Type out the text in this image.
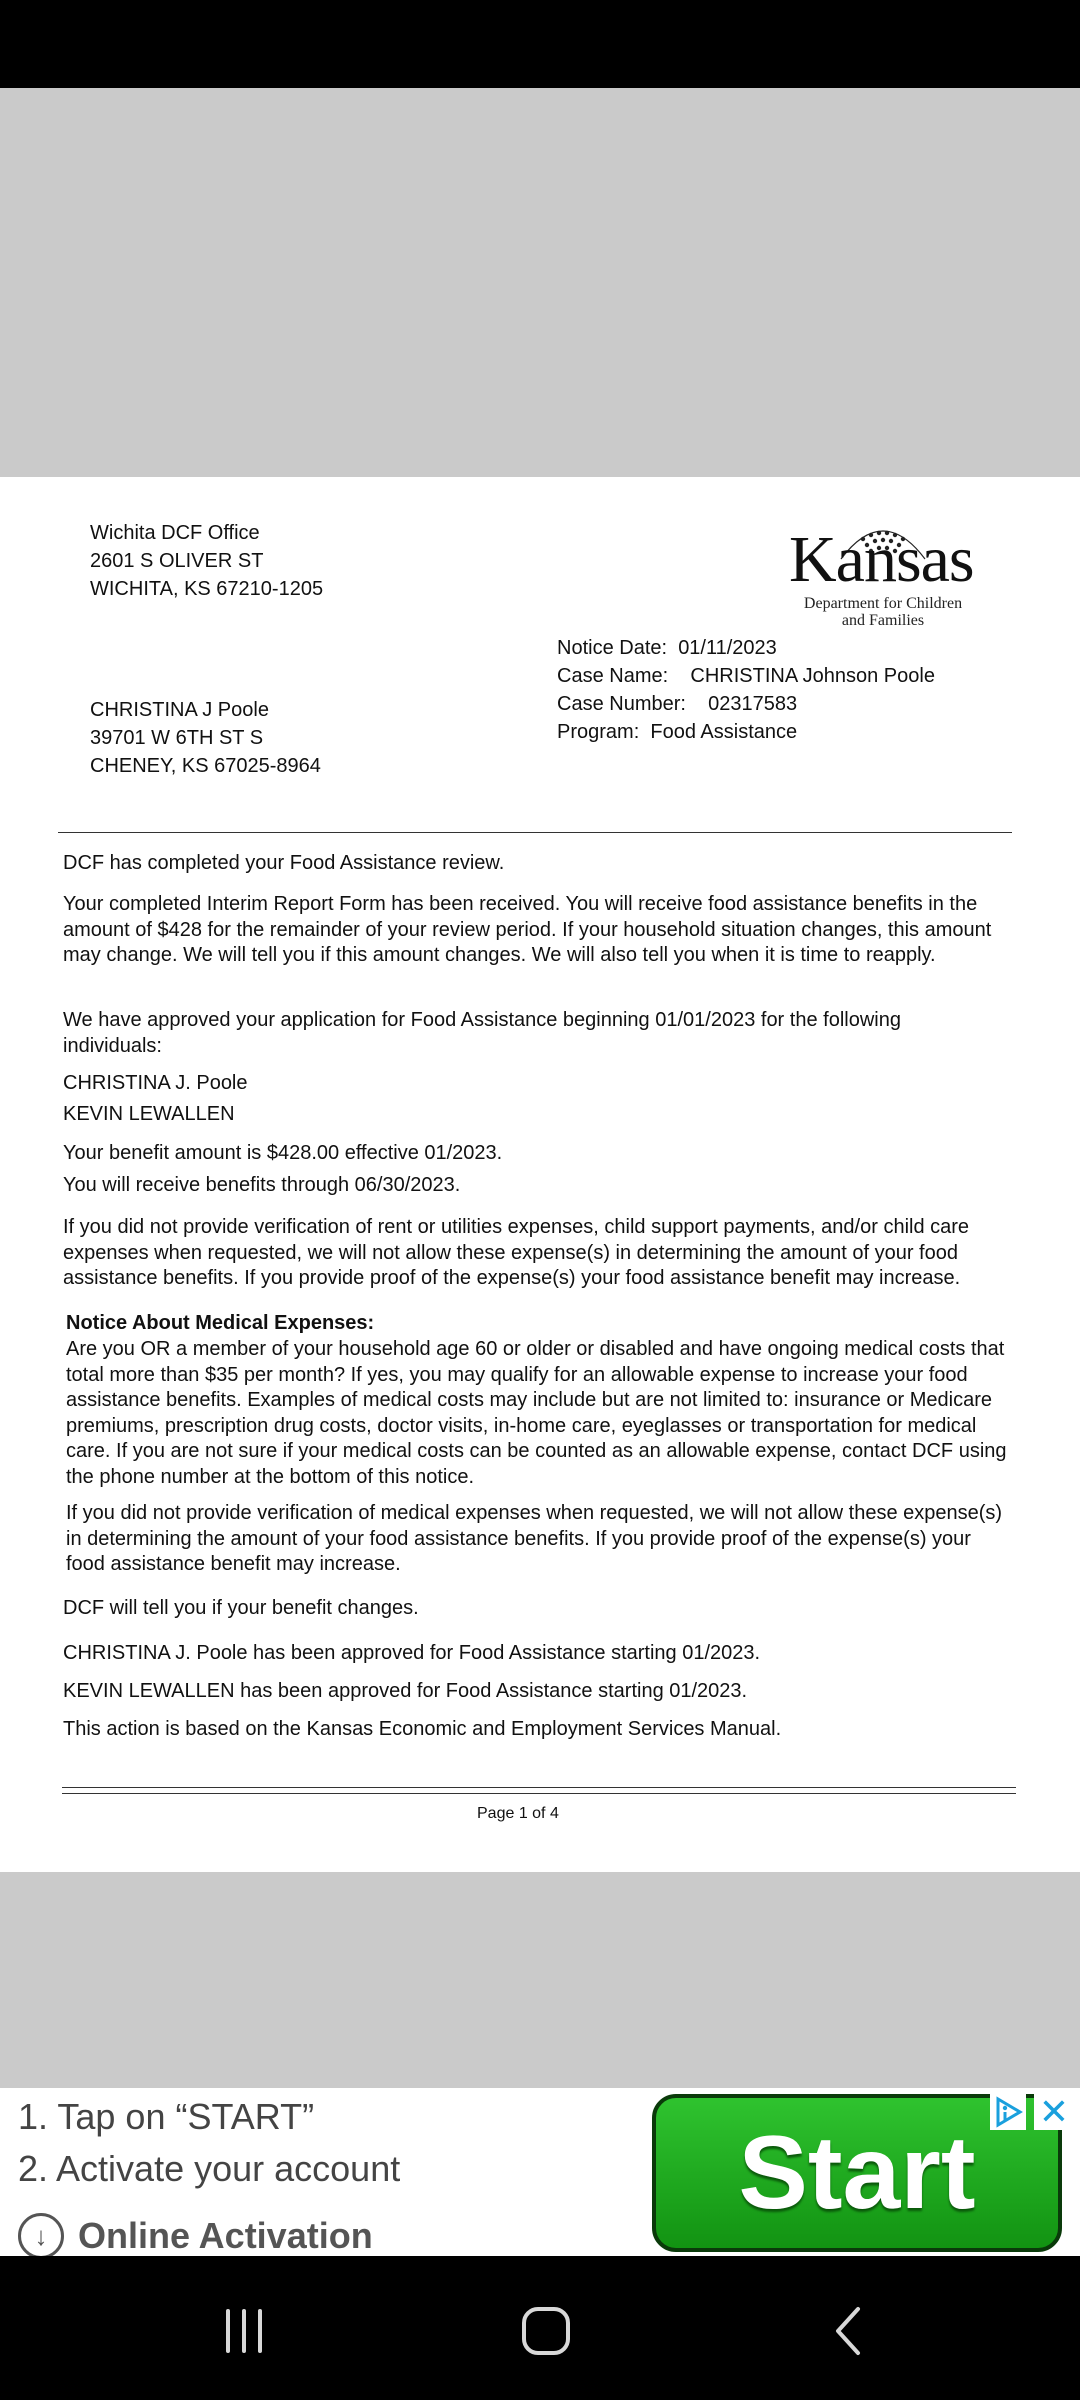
Wichita DCF Office
2601 S OLIVER ST
WICHITA, KS 67210-1205	Kansas
Department for Children
and Families
Notice Date: 01/11/2023
Case Name: CHRISTINA Johnson Poole
Case Number: 02317583
Program: Food Assistance
CHRISTINA J Poole
39701 W 6TH ST S
CHENEY, KS 67025-8964
DCF has completed your Food Assistance review.
Your completed Interim Report Form has been received. You will receive food assistance benefits in the amount of $428 for the remainder of your review period. If your household situation changes, this amount may change. We will tell you if this amount changes. We will also tell you when it is time to reapply.
We have approved your application for Food Assistance beginning 01/01/2023 for the following individuals:
CHRISTINA J. Poole
KEVIN LEWALLEN
Your benefit amount is $428.00 effective 01/2023.
You will receive benefits through 06/30/2023.
If you did not provide verification of rent or utilities expenses, child support payments, and/or child care expenses when requested, we will not allow these expense(s) in determining the amount of your food assistance benefits. If you provide proof of the expense(s) your food assistance benefit may increase.
Notice About Medical Expenses:
Are you OR a member of your household age 60 or older or disabled and have ongoing medical costs that total more than $35 per month? If yes, you may qualify for an allowable expense to increase your food assistance benefits. Examples of medical costs may include but are not limited to: insurance or Medicare premiums, prescription drug costs, doctor visits, in-home care, eyeglasses or transportation for medical care. If you are not sure if your medical costs can be counted as an allowable expense, contact DCF using the phone number at the bottom of this notice.
If you did not provide verification of medical expenses when requested, we will not allow these expense(s) in determining the amount of your food assistance benefits. If you provide proof of the expense(s) your food assistance benefit may increase.
DCF will tell you if your benefit changes.
CHRISTINA J. Poole has been approved for Food Assistance starting 01/2023.
KEVIN LEWALLEN has been approved for Food Assistance starting 01/2023.
This action is based on the Kansas Economic and Employment Services Manual.
Page 1 of 4
1. Tap on “START”
2. Activate your account
↓ Online Activation
Start
✕
